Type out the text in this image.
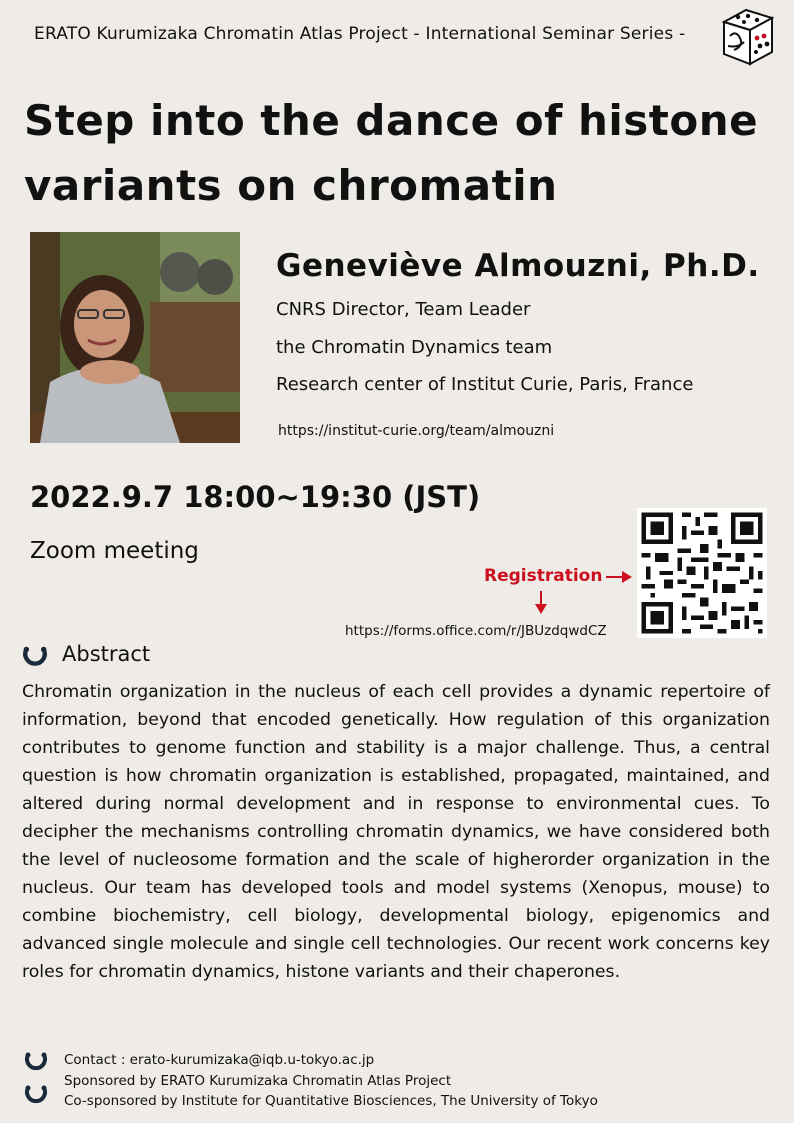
ERATO Kurumizaka Chromatin Atlas Project - International Seminar Series -
Step into the dance of histone variants on chromatin
Geneviève Almouzni, Ph.D.
CNRS Director, Team Leader
the Chromatin Dynamics team
Research center of Institut Curie, Paris, France
https://institut-curie.org/team/almouzni
2022.9.7 18:00~19:30 (JST)
Zoom meeting
Registration
https://forms.office.com/r/JBUzdqwdCZ
Abstract
Chromatin organization in the nucleus of each cell provides a dynamic repertoire of information, beyond that encoded genetically. How regulation of this organization contributes to genome function and stability is a major challenge. Thus, a central question is how chromatin organization is established, propagated, maintained, and altered during normal development and in response to environmental cues. To decipher the mechanisms controlling chromatin dynamics, we have considered both the level of nucleosome formation and the scale of higherorder organization in the nucleus. Our team has developed tools and model systems (Xenopus, mouse) to combine biochemistry, cell biology, developmental biology, epigenomics and advanced single molecule and single cell technologies. Our recent work concerns key roles for chromatin dynamics, histone variants and their chaperones.
Contact : erato-kurumizaka@iqb.u-tokyo.ac.jp
Sponsored by ERATO Kurumizaka Chromatin Atlas Project
Co-sponsored by Institute for Quantitative Biosciences, The University of Tokyo
